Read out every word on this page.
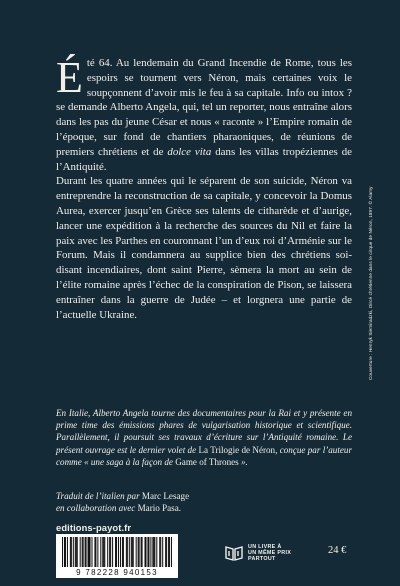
Été 64. Au lendemain du Grand Incendie de Rome, tous les espoirs se tournent vers Néron, mais certaines voix le soupçonnent d’avoir mis le feu à sa capitale. Info ou intox ? se demande Alberto Angela, qui, tel un reporter, nous entraîne alors dans les pas du jeune César et nous « raconte » l’Empire romain de l’époque, sur fond de chantiers pharaoniques, de réunions de premiers chrétiens et de dolce vita dans les villas tropéziennes de l’Antiquité.

Durant les quatre années qui le séparent de son suicide, Néron va entreprendre la reconstruction de sa capitale, y concevoir la Domus Aurea, exercer jusqu’en Grèce ses talents de citharède et d’aurige, lancer une expédition à la recherche des sources du Nil et faire la paix avec les Parthes en couronnant l’un d’eux roi d’Arménie sur le Forum. Mais il condamnera au supplice bien des chrétiens soi-disant incendiaires, dont saint Pierre, sèmera la mort au sein de l’élite romaine après l’échec de la conspiration de Pison, se laissera entraîner dans la guerre de Judée – et lorgnera une partie de l’actuelle Ukraine.

En Italie, Alberto Angela tourne des documentaires pour la Rai et y présente en prime time des émissions phares de vulgarisation historique et scientifique. Parallèlement, il poursuit ses travaux d’écriture sur l’Antiquité romaine. Le présent ouvrage est le dernier volet de La Trilogie de Néron, conçue par l’auteur comme « une saga à la façon de Game of Thrones ».

Traduit de l’italien par Marc Lesage
en collaboration avec Mario Pasa.
editions-payot.fr
9 782228 940153
UN LIVRE À
UN MÊME PRIX
PARTOUT
24 €
Couverture : Henryk Siemiradzki, Dircé chrétienne dans le cirque de Néron, 1897. © Alamy
